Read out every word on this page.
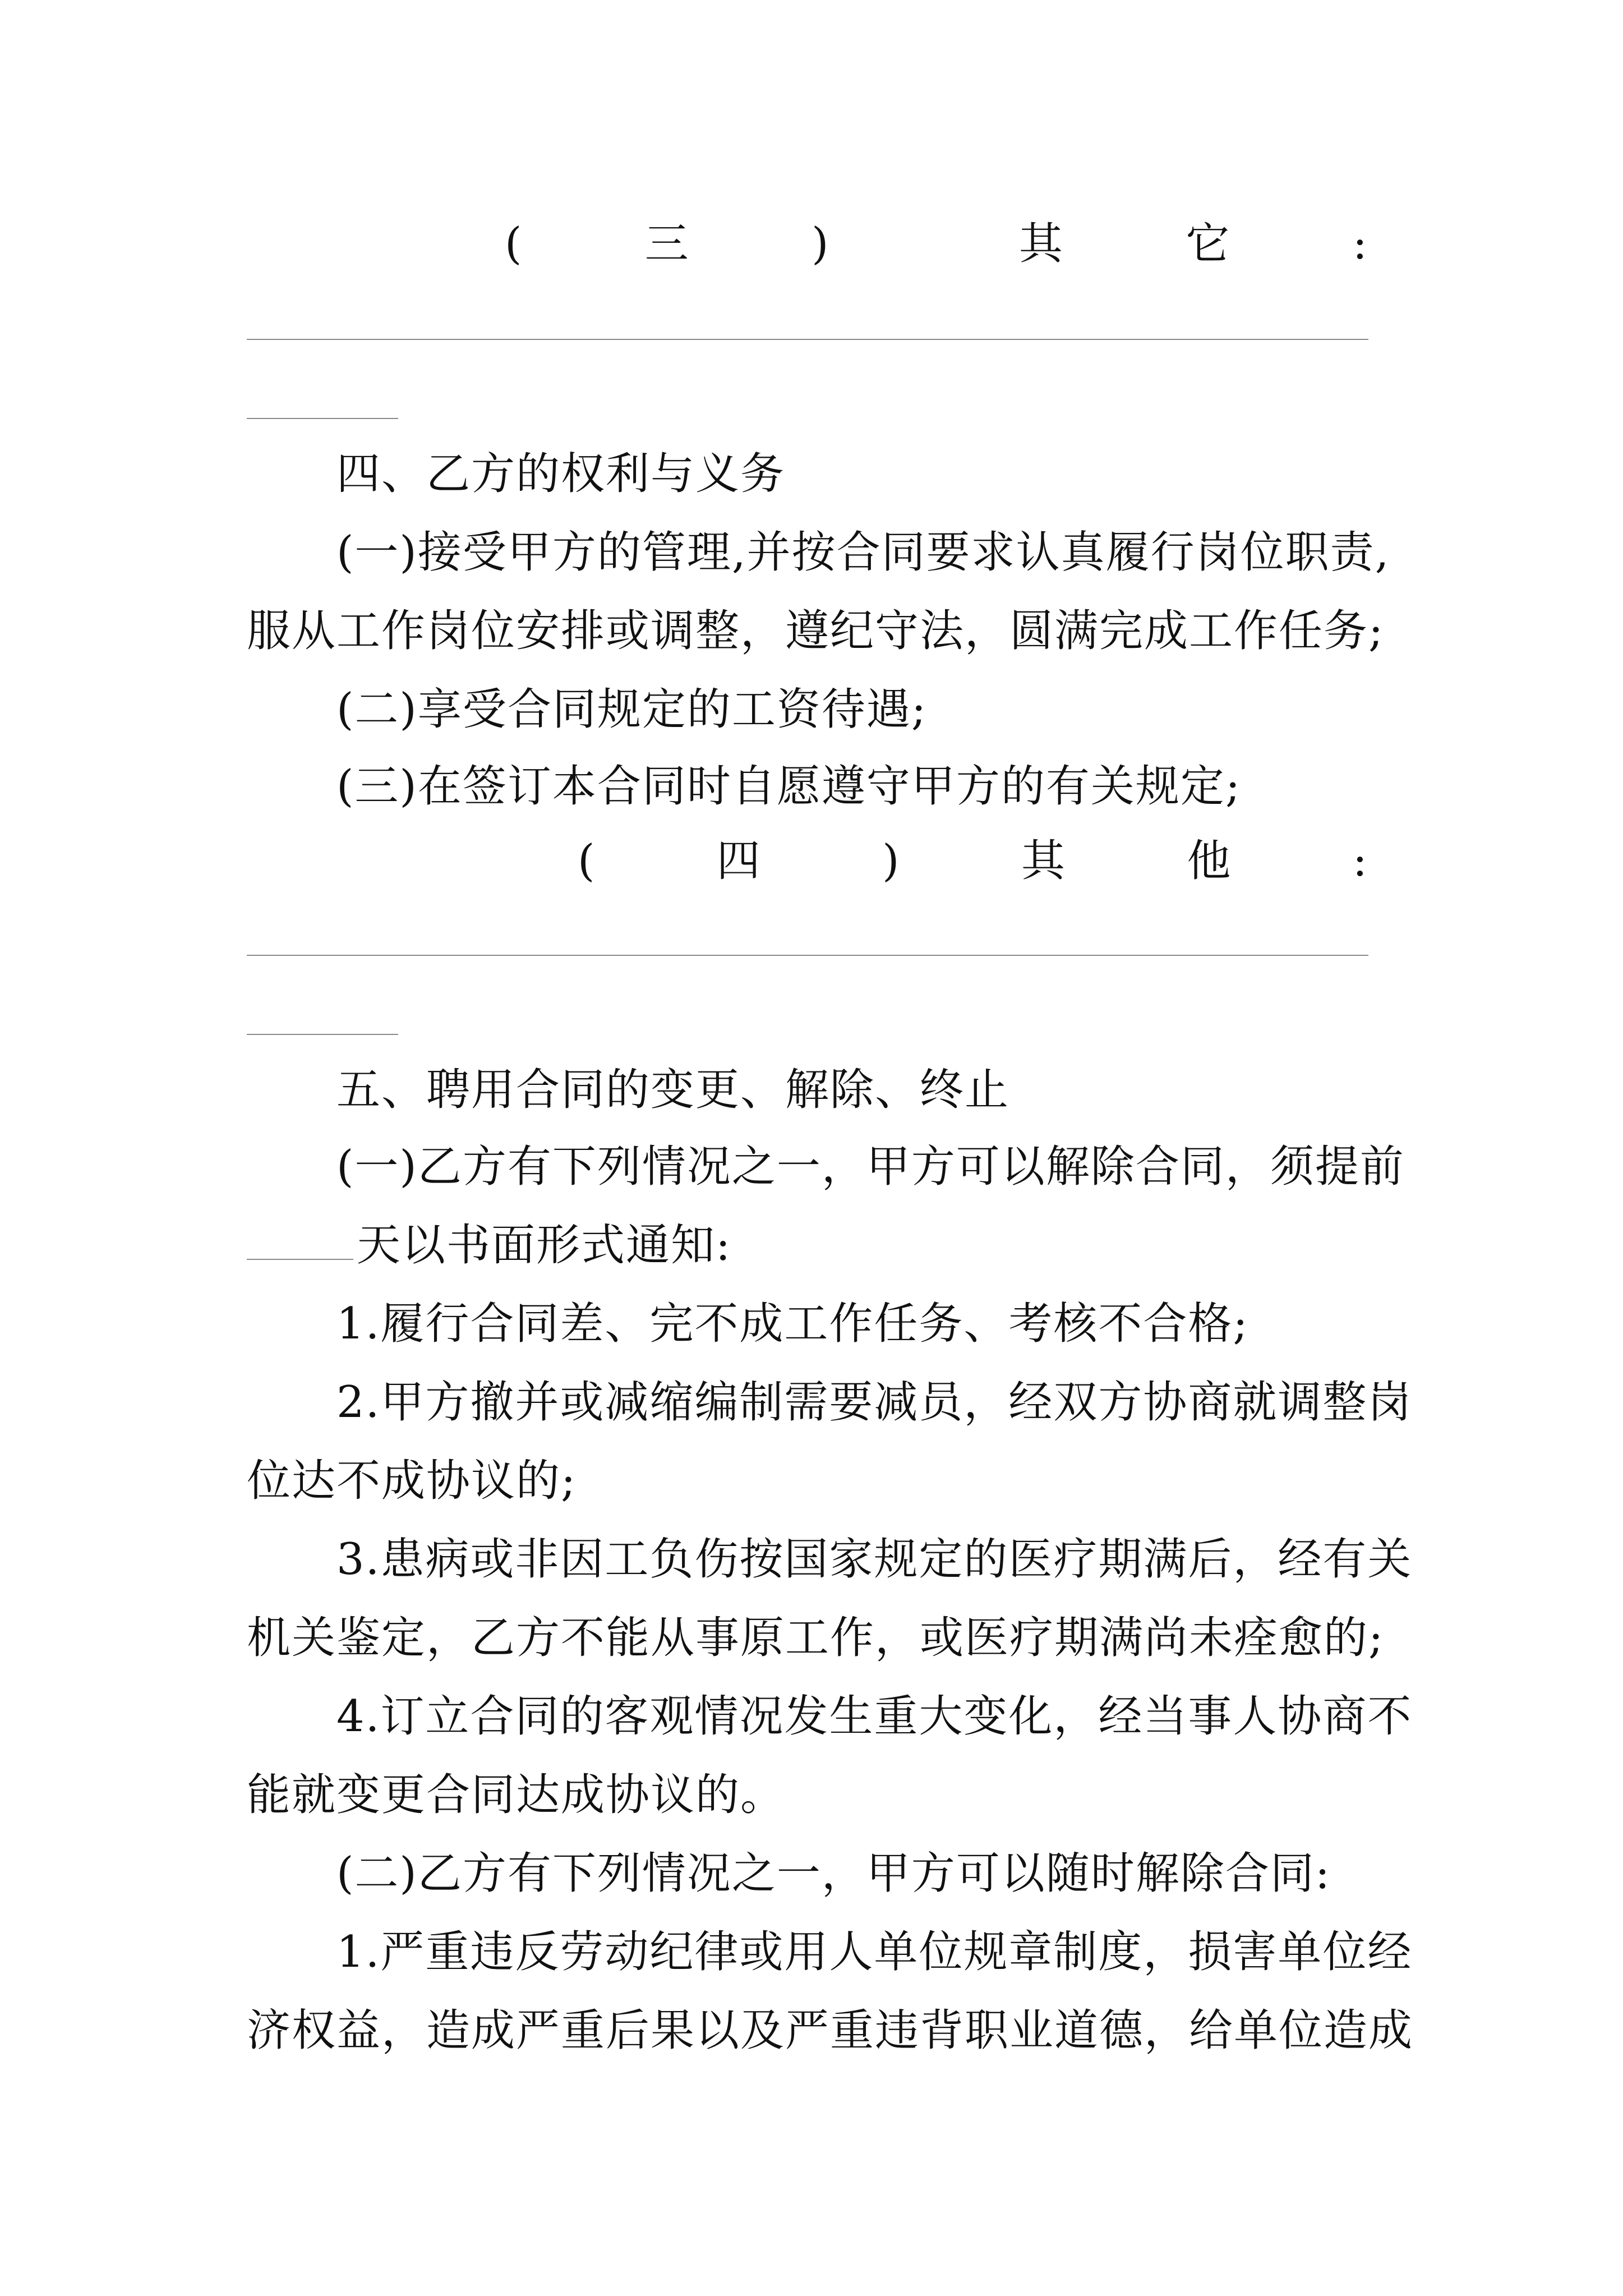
(	三	)	其	它	:
四、乙方的权利与义务
(一)接受甲方的管理,并按合同要求认真履行岗位职责,
服从工作岗位安排或调整，遵纪守法，圆满完成工作任务;
(二)享受合同规定的工资待遇;
(三)在签订本合同时自愿遵守甲方的有关规定;
(	四	)	其	他	:
五、聘用合同的变更、解除、终止
(一)乙方有下列情况之一，甲方可以解除合同，须提前
天以书面形式通知:
1.履行合同差、完不成工作任务、考核不合格;
2.甲方撤并或减缩编制需要减员，经双方协商就调整岗
位达不成协议的;
3.患病或非因工负伤按国家规定的医疗期满后，经有关
机关鉴定，乙方不能从事原工作，或医疗期满尚未痊愈的;
4.订立合同的客观情况发生重大变化，经当事人协商不
能就变更合同达成协议的。
(二)乙方有下列情况之一，甲方可以随时解除合同:
1.严重违反劳动纪律或用人单位规章制度，损害单位经
济权益，造成严重后果以及严重违背职业道德，给单位造成
